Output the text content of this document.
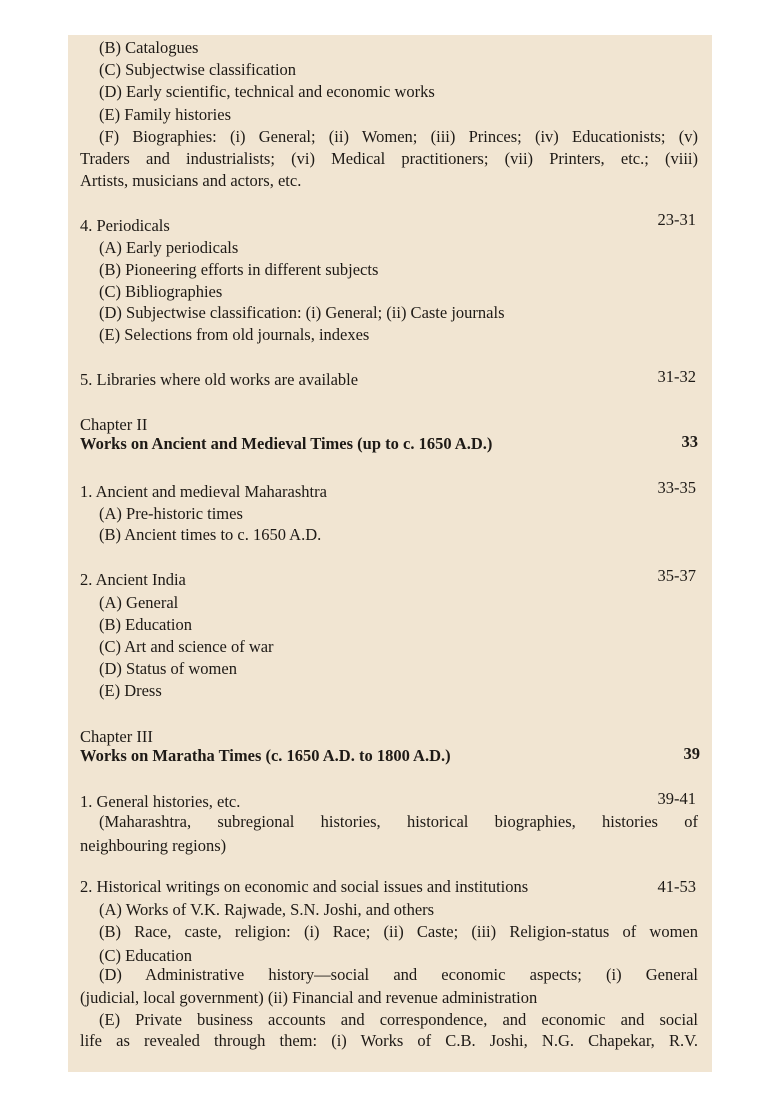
(B) Catalogues
(C) Subjectwise classification
(D) Early scientific, technical and economic works
(E) Family histories
(F) Biographies: (i) General; (ii) Women; (iii) Princes; (iv) Educationists; (v)
Traders and industrialists; (vi) Medical practitioners; (vii) Printers, etc.; (viii)
Artists, musicians and actors, etc.
4. Periodicals	23-31
(A) Early periodicals
(B) Pioneering efforts in different subjects
(C) Bibliographies
(D) Subjectwise classification: (i) General; (ii) Caste journals
(E) Selections from old journals, indexes
5. Libraries where old works are available	31-32
Chapter II
Works on Ancient and Medieval Times (up to c. 1650 A.D.)	33
1. Ancient and medieval Maharashtra	33-35
(A) Pre-historic times
(B) Ancient times to c. 1650 A.D.
2. Ancient India	35-37
(A) General
(B) Education
(C) Art and science of war
(D) Status of women
(E) Dress
Chapter III
Works on Maratha Times (c. 1650 A.D. to 1800 A.D.)	39
1. General histories, etc.	39-41
(Maharashtra, subregional histories, historical biographies, histories of
neighbouring regions)
2. Historical writings on economic and social issues and institutions	41-53
(A) Works of V.K. Rajwade, S.N. Joshi, and others
(B) Race, caste, religion: (i) Race; (ii) Caste; (iii) Religion-status of women
(C) Education
(D) Administrative history—social and economic aspects; (i) General
(judicial, local government) (ii) Financial and revenue administration
(E) Private business accounts and correspondence, and economic and social
life as revealed through them: (i) Works of C.B. Joshi, N.G. Chapekar, R.V.
